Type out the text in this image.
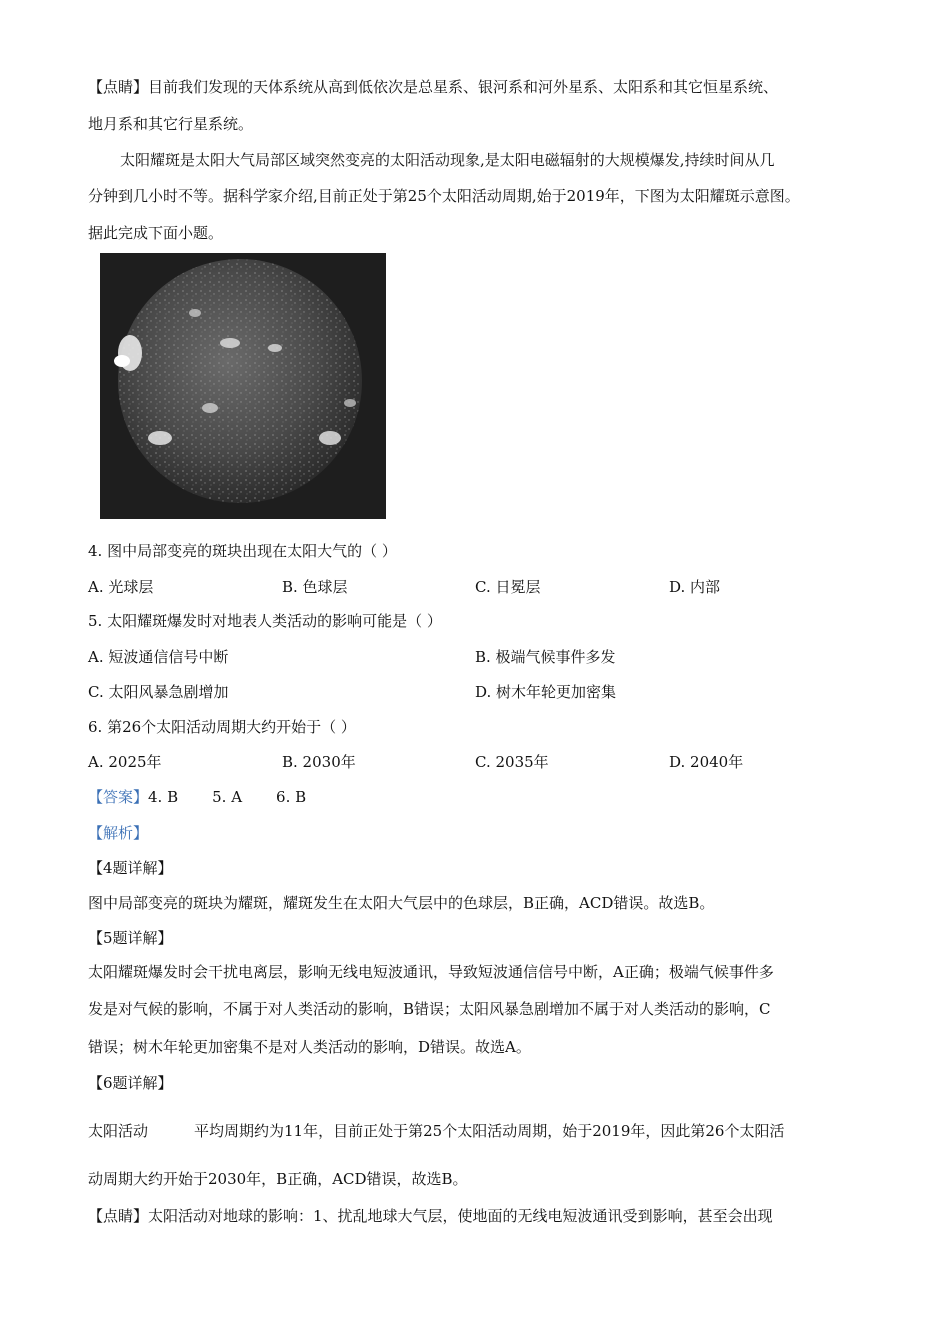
【点睛】目前我们发现的天体系统从高到低依次是总星系、银河系和河外星系、太阳系和其它恒星系统、
地月系和其它行星系统。
太阳耀斑是太阳大气局部区域突然变亮的太阳活动现象,是太阳电磁辐射的大规模爆发,持续时间从几
分钟到几小时不等。据科学家介绍,目前正处于第25个太阳活动周期,始于2019年，下图为太阳耀斑示意图。
据此完成下面小题。
4. 图中局部变亮的斑块出现在太阳大气的（ ）
A. 光球层	B. 色球层	C. 日冕层	D. 内部
5. 太阳耀斑爆发时对地表人类活动的影响可能是（ ）
A. 短波通信信号中断	B. 极端气候事件多发
C. 太阳风暴急剧增加	D. 树木年轮更加密集
6. 第26个太阳活动周期大约开始于（ ）
A. 2025年	B. 2030年	C. 2035年	D. 2040年
【答案】4. B 5. A 6. B
【解析】
【4题详解】
图中局部变亮的斑块为耀斑，耀斑发生在太阳大气层中的色球层，B正确，ACD错误。故选B。
【5题详解】
太阳耀斑爆发时会干扰电离层，影响无线电短波通讯，导致短波通信信号中断，A正确；极端气候事件多
发是对气候的影响，不属于对人类活动的影响，B错误；太阳风暴急剧增加不属于对人类活动的影响，C
错误；树木年轮更加密集不是对人类活动的影响，D错误。故选A。
【6题详解】
太阳活动	平均周期约为11年，目前正处于第25个太阳活动周期，始于2019年，因此第26个太阳活
动周期大约开始于2030年，B正确，ACD错误，故选B。
【点睛】太阳活动对地球的影响：1、扰乱地球大气层，使地面的无线电短波通讯受到影响，甚至会出现
